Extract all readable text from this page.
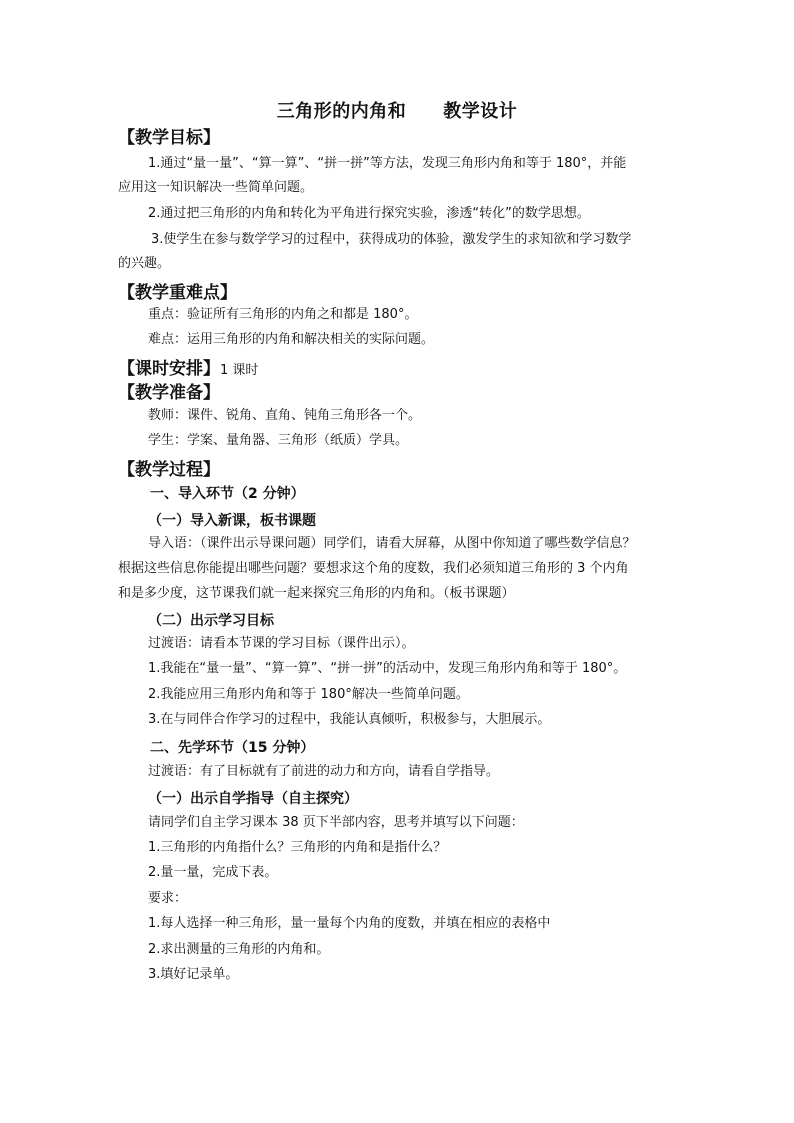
三角形的内角和　　教学设计
【教学目标】
1.通过“量一量”、“算一算”、“拼一拼”等方法，发现三角形内角和等于 180°，并能
应用这一知识解决一些简单问题。
2.通过把三角形的内角和转化为平角进行探究实验，渗透“转化”的数学思想。
3.使学生在参与数学学习的过程中，获得成功的体验，激发学生的求知欲和学习数学
的兴趣。
【教学重难点】
重点：验证所有三角形的内角之和都是 180°。
难点：运用三角形的内角和解决相关的实际问题。
【课时安排】1 课时
【教学准备】
教师：课件、锐角、直角、钝角三角形各一个。
学生：学案、量角器、三角形（纸质）学具。
【教学过程】
一、导入环节（2 分钟）
（一）导入新课，板书课题
导入语：（课件出示导课问题）同学们，请看大屏幕，从图中你知道了哪些数学信息？
根据这些信息你能提出哪些问题？要想求这个角的度数，我们必须知道三角形的 3 个内角
和是多少度，这节课我们就一起来探究三角形的内角和。（板书课题）
（二）出示学习目标
过渡语：请看本节课的学习目标（课件出示）。
1.我能在“量一量”、“算一算”、“拼一拼”的活动中，发现三角形内角和等于 180°。
2.我能应用三角形内角和等于 180°解决一些简单问题。
3.在与同伴合作学习的过程中，我能认真倾听，积极参与，大胆展示。
二、先学环节（15 分钟）
过渡语：有了目标就有了前进的动力和方向，请看自学指导。
（一）出示自学指导（自主探究）
请同学们自主学习课本 38 页下半部内容，思考并填写以下问题：
1.三角形的内角指什么？三角形的内角和是指什么？
2.量一量，完成下表。
要求：
1.每人选择一种三角形，量一量每个内角的度数，并填在相应的表格中
2.求出测量的三角形的内角和。
3.填好记录单。
